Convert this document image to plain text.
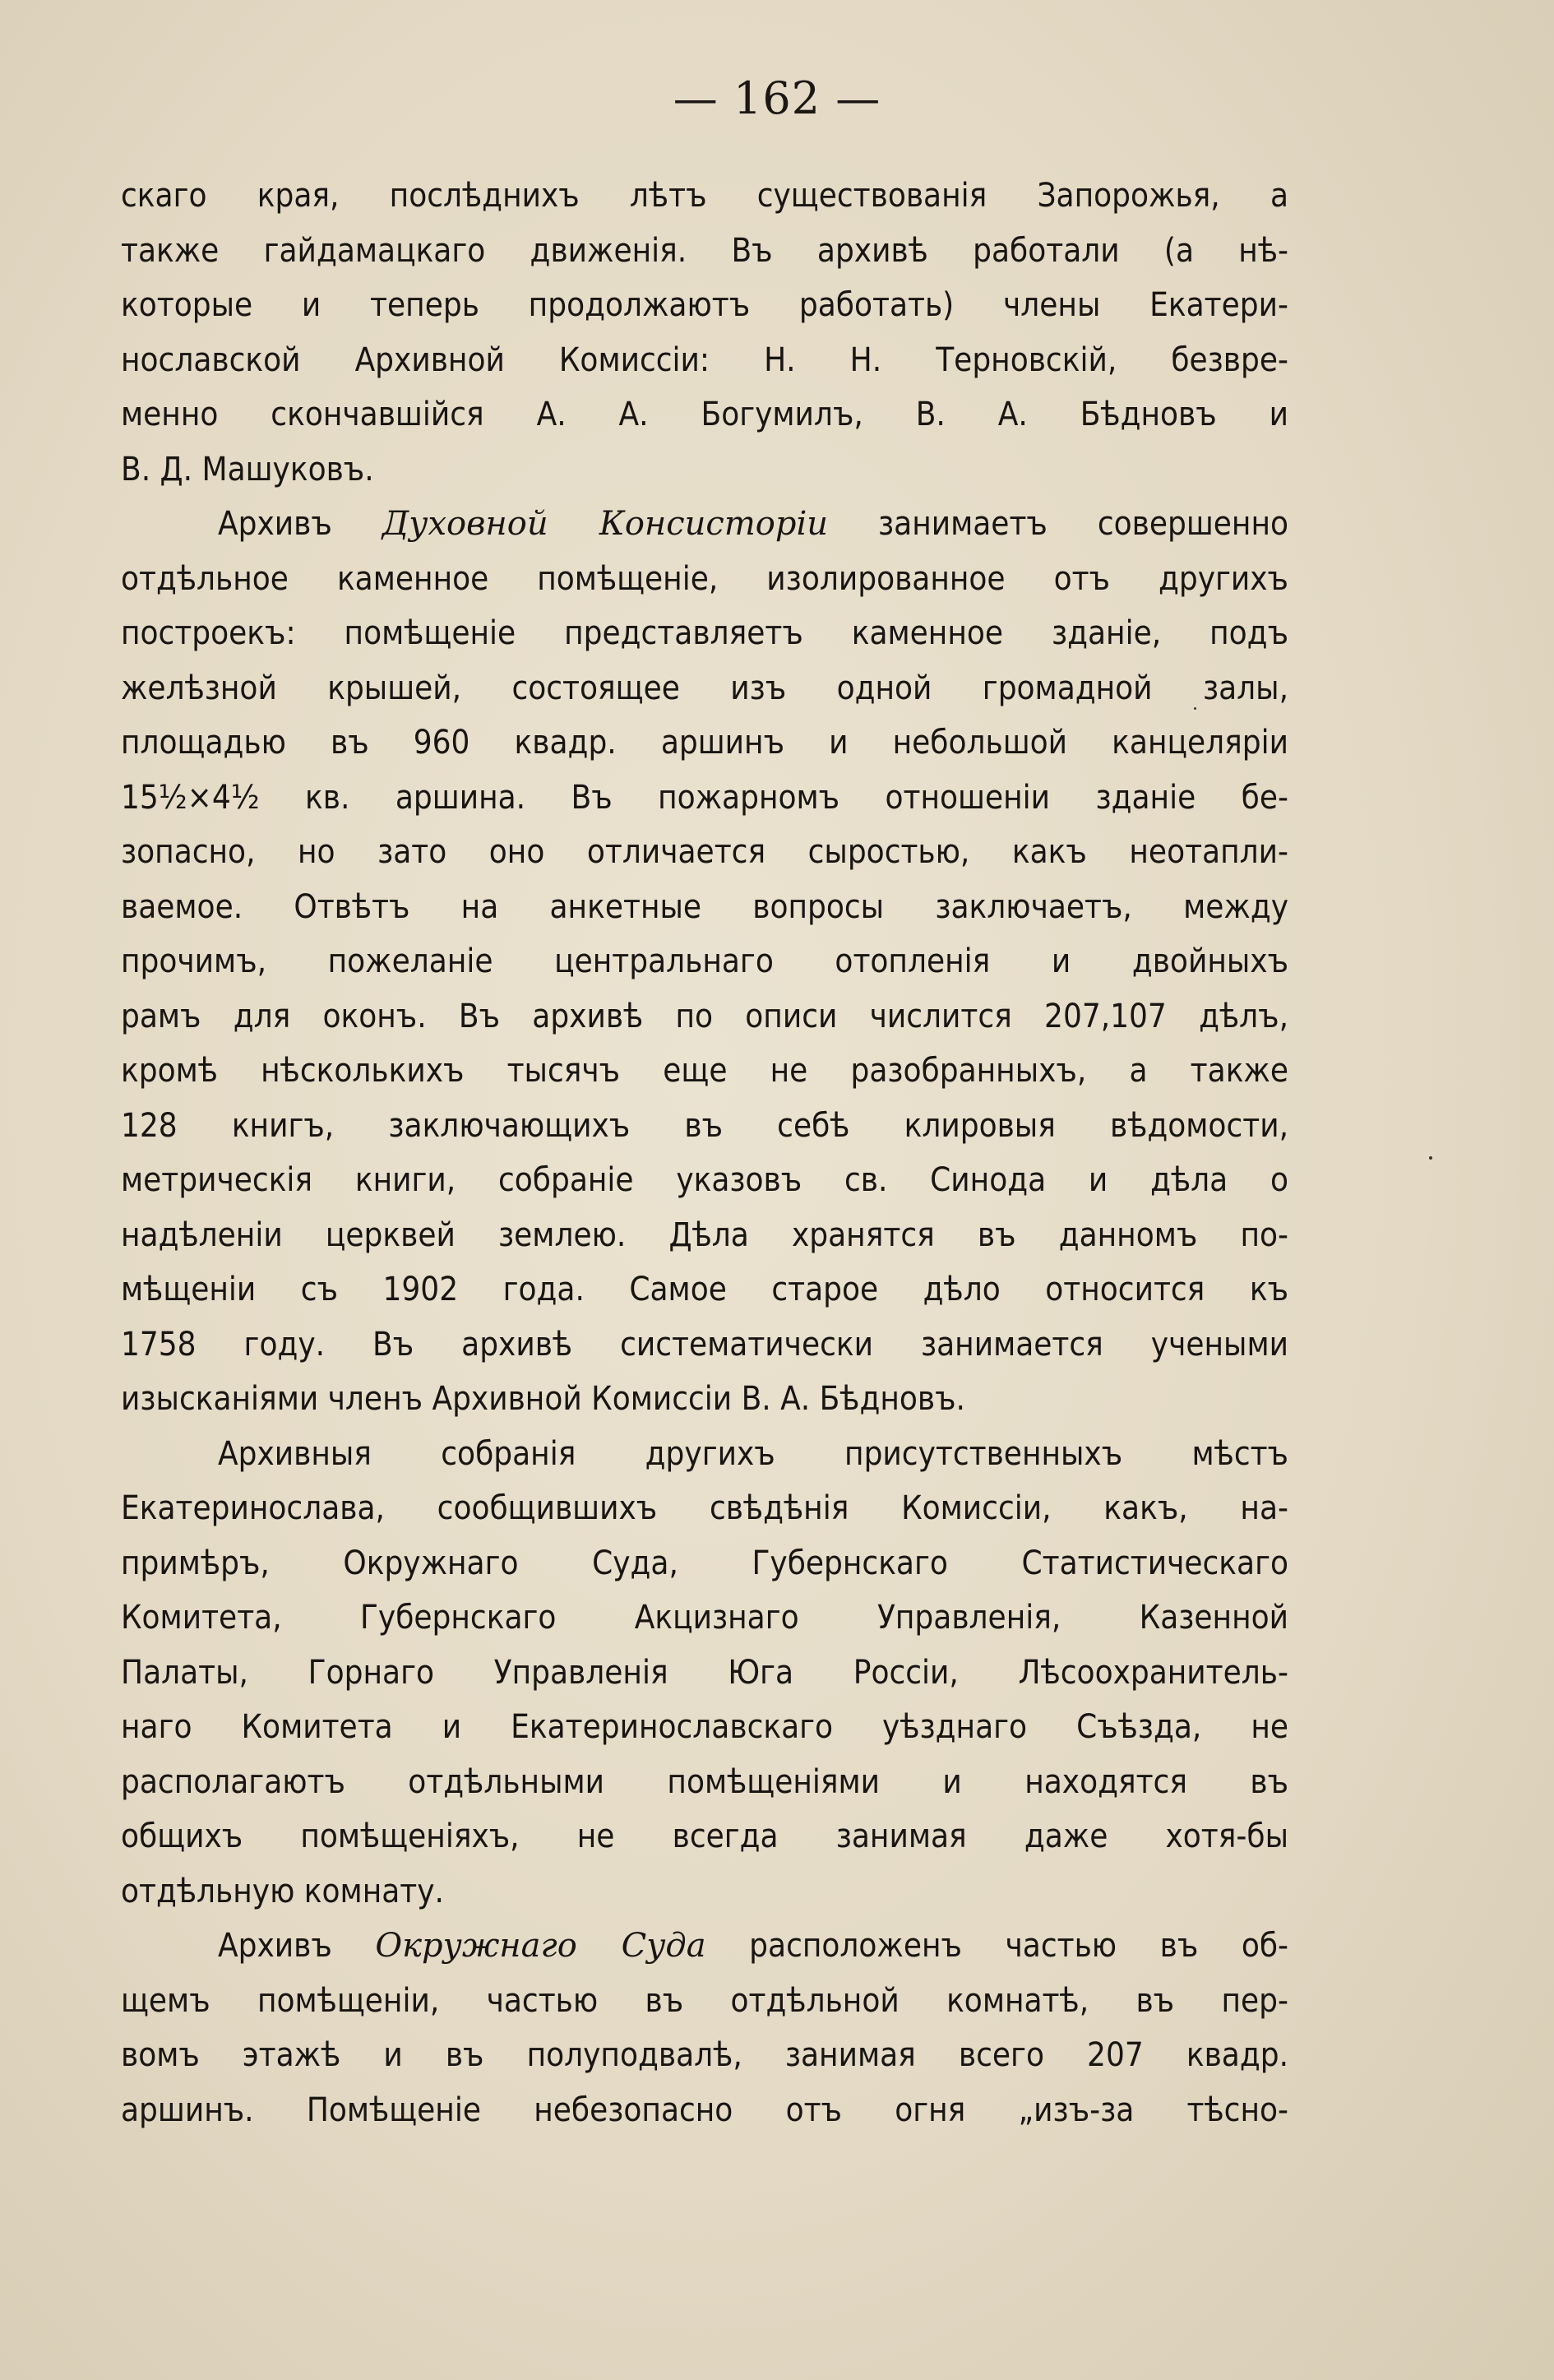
— 162 —
скаго края, послѣднихъ лѣтъ существованія Запорожья, а
также гайдамацкаго движенія. Въ архивѣ работали (а нѣ-
которые и теперь продолжаютъ работать) члены Екатери-
нославской Архивной Комиссіи: Н. Н. Терновскій, безвре-
менно скончавшійся А. А. Богумилъ, В. А. Бѣдновъ и
В. Д. Машуковъ.
Архивъ Духовной Консисторіи занимаетъ совершенно
отдѣльное каменное помѣщеніе, изолированное отъ другихъ
построекъ: помѣщеніе представляетъ каменное зданіе, подъ
желѣзной крышей, состоящее изъ одной громадной залы,
площадью въ 960 квадр. аршинъ и небольшой канцеляріи
15½×4½ кв. аршина. Въ пожарномъ отношеніи зданіе бе-
зопасно, но зато оно отличается сыростью, какъ неотапли-
ваемое. Отвѣтъ на анкетные вопросы заключаетъ, между
прочимъ, пожеланіе центральнаго отопленія и двойныхъ
рамъ для оконъ. Въ архивѣ по описи числится 207,107 дѣлъ,
кромѣ нѣсколькихъ тысячъ еще не разобранныхъ, а также
128 книгъ, заключающихъ въ себѣ клировыя вѣдомости,
метрическія книги, собраніе указовъ св. Синода и дѣла о
надѣленіи церквей землею. Дѣла хранятся въ данномъ по-
мѣщеніи съ 1902 года. Самое старое дѣло относится къ
1758 году. Въ архивѣ систематически занимается учеными
изысканіями членъ Архивной Комиссіи В. А. Бѣдновъ.
Архивныя собранія другихъ присутственныхъ мѣстъ
Екатеринослава, сообщившихъ свѣдѣнія Комиссіи, какъ, на-
примѣръ, Окружнаго Суда, Губернскаго Статистическаго
Комитета, Губернскаго Акцизнаго Управленія, Казенной
Палаты, Горнаго Управленія Юга Россіи, Лѣсоохранитель-
наго Комитета и Екатеринославскаго уѣзднаго Съѣзда, не
располагаютъ отдѣльными помѣщеніями и находятся въ
общихъ помѣщеніяхъ, не всегда занимая даже хотя-бы
отдѣльную комнату.
Архивъ Окружнаго Суда расположенъ частью въ об-
щемъ помѣщеніи, частью въ отдѣльной комнатѣ, въ пер-
вомъ этажѣ и въ полуподвалѣ, занимая всего 207 квадр.
аршинъ. Помѣщеніе небезопасно отъ огня „изъ-за тѣсно-
